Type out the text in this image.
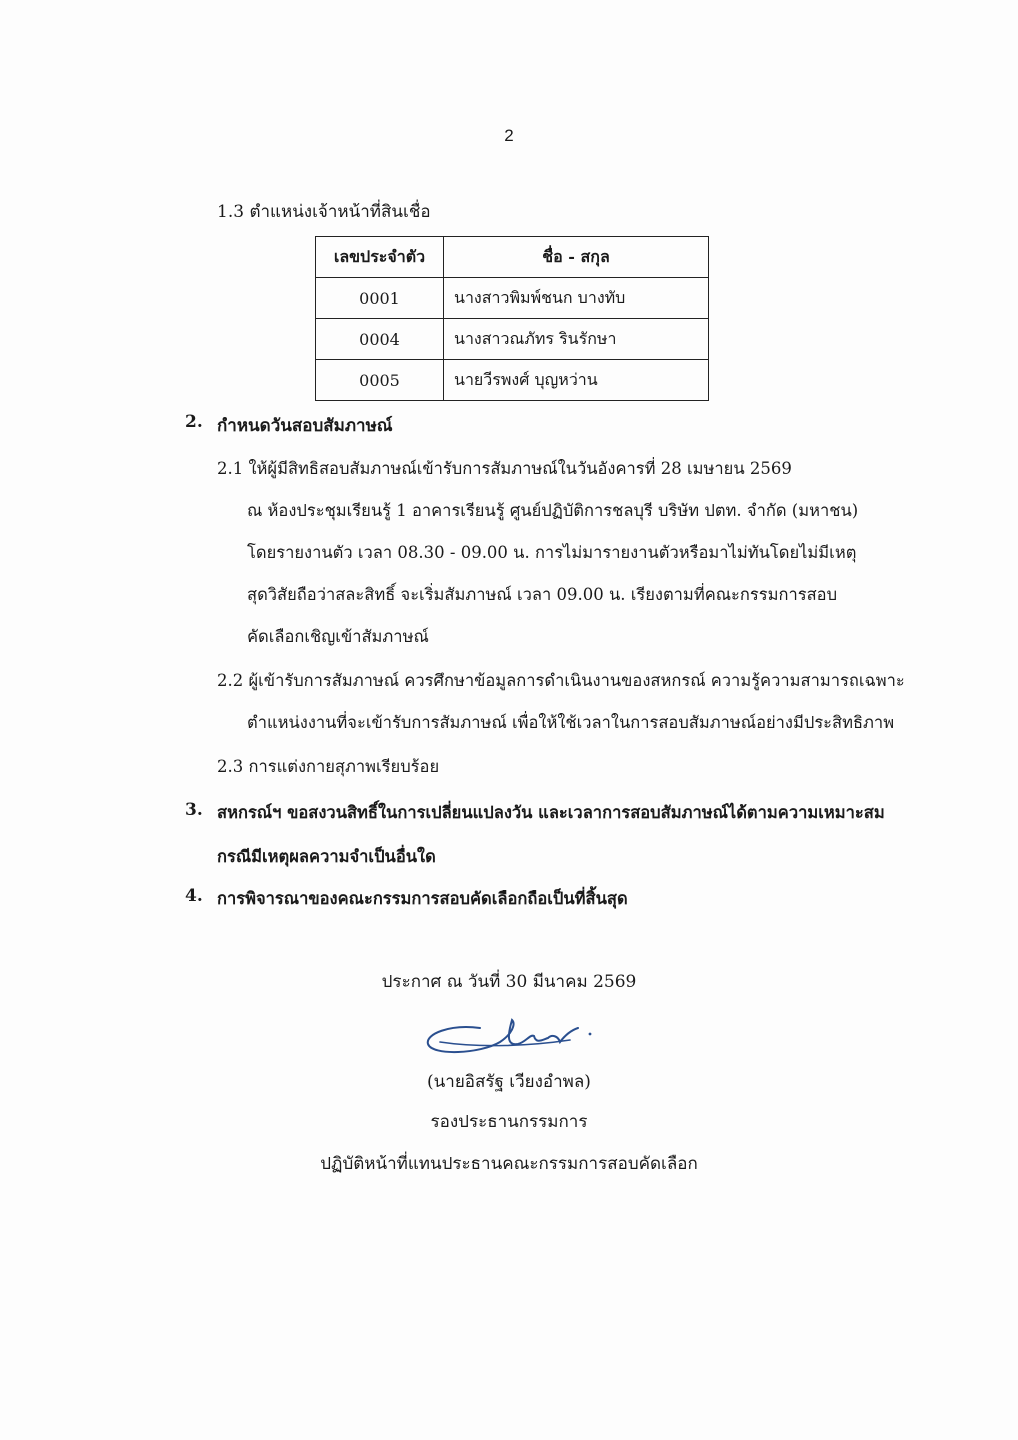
2
1.3 ตำแหน่งเจ้าหน้าที่สินเชื่อ
เลขประจำตัว	ชื่อ - สกุล
0001	นางสาวพิมพ์ชนก บางทับ
0004	นางสาวณภัทร รินรักษา
0005	นายวีรพงศ์ บุญหว่าน
2. กำหนดวันสอบสัมภาษณ์
2.1 ให้ผู้มีสิทธิสอบสัมภาษณ์เข้ารับการสัมภาษณ์ในวันอังคารที่ 28 เมษายน 2569
ณ ห้องประชุมเรียนรู้ 1 อาคารเรียนรู้ ศูนย์ปฏิบัติการชลบุรี บริษัท ปตท. จำกัด (มหาชน)
โดยรายงานตัว เวลา 08.30 - 09.00 น. การไม่มารายงานตัวหรือมาไม่ทันโดยไม่มีเหตุ
สุดวิสัยถือว่าสละสิทธิ์ จะเริ่มสัมภาษณ์ เวลา 09.00 น. เรียงตามที่คณะกรรมการสอบ
คัดเลือกเชิญเข้าสัมภาษณ์
2.2 ผู้เข้ารับการสัมภาษณ์ ควรศึกษาข้อมูลการดำเนินงานของสหกรณ์ ความรู้ความสามารถเฉพาะ
ตำแหน่งงานที่จะเข้ารับการสัมภาษณ์ เพื่อให้ใช้เวลาในการสอบสัมภาษณ์อย่างมีประสิทธิภาพ
2.3 การแต่งกายสุภาพเรียบร้อย
3. สหกรณ์ฯ ขอสงวนสิทธิ์ในการเปลี่ยนแปลงวัน และเวลาการสอบสัมภาษณ์ได้ตามความเหมาะสม
กรณีมีเหตุผลความจำเป็นอื่นใด
4. การพิจารณาของคณะกรรมการสอบคัดเลือกถือเป็นที่สิ้นสุด
ประกาศ ณ วันที่ 30 มีนาคม 2569
(นายอิสรัฐ เวียงอำพล)
รองประธานกรรมการ
ปฏิบัติหน้าที่แทนประธานคณะกรรมการสอบคัดเลือก
